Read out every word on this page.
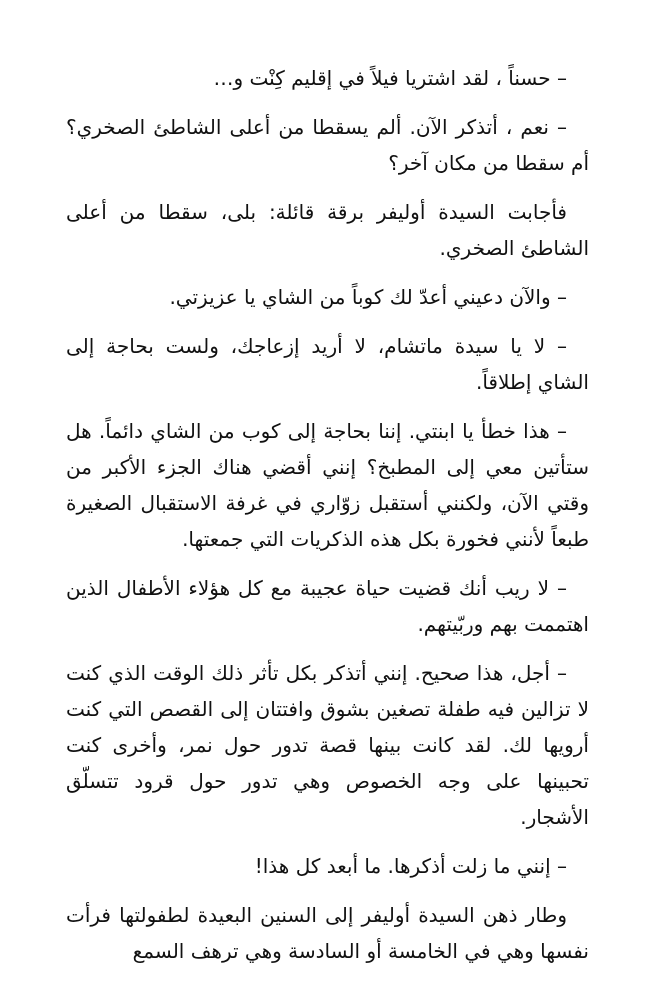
– حسناً ، لقد اشتريا فيلاً في إقليم كِنْت و…

– نعم ، أتذكر الآن. ألم يسقطا من أعلى الشاطئ الصخري؟ أم سقطا من مكان آخر؟

فأجابت السيدة أوليفر برقة قائلة: بلى، سقطا من أعلى الشاطئ الصخري.

– والآن دعيني أعدّ لك كوباً من الشاي يا عزيزتي.

– لا يا سيدة ماتشام، لا أريد إزعاجك، ولست بحاجة إلى الشاي إطلاقاً.

– هذا خطأ يا ابنتي. إننا بحاجة إلى كوب من الشاي دائماً. هل ستأتين معي إلى المطبخ؟ إنني أقضي هناك الجزء الأكبر من وقتي الآن، ولكنني أستقبل زوّاري في غرفة الاستقبال الصغيرة طبعاً لأنني فخورة بكل هذه الذكريات التي جمعتها.

– لا ريب أنك قضيت حياة عجيبة مع كل هؤلاء الأطفال الذين اهتممت بهم وربّيتهم.

– أجل، هذا صحيح. إنني أتذكر بكل تأثر ذلك الوقت الذي كنت لا تزالين فيه طفلة تصغين بشوق وافتتان إلى القصص التي كنت أرويها لك. لقد كانت بينها قصة تدور حول نمر، وأخرى كنت تحبينها على وجه الخصوص وهي تدور حول قرود تتسلّق الأشجار.

– إنني ما زلت أذكرها. ما أبعد كل هذا!

وطار ذهن السيدة أوليفر إلى السنين البعيدة لطفولتها فرأت نفسها وهي في الخامسة أو السادسة وهي ترهف السمع
